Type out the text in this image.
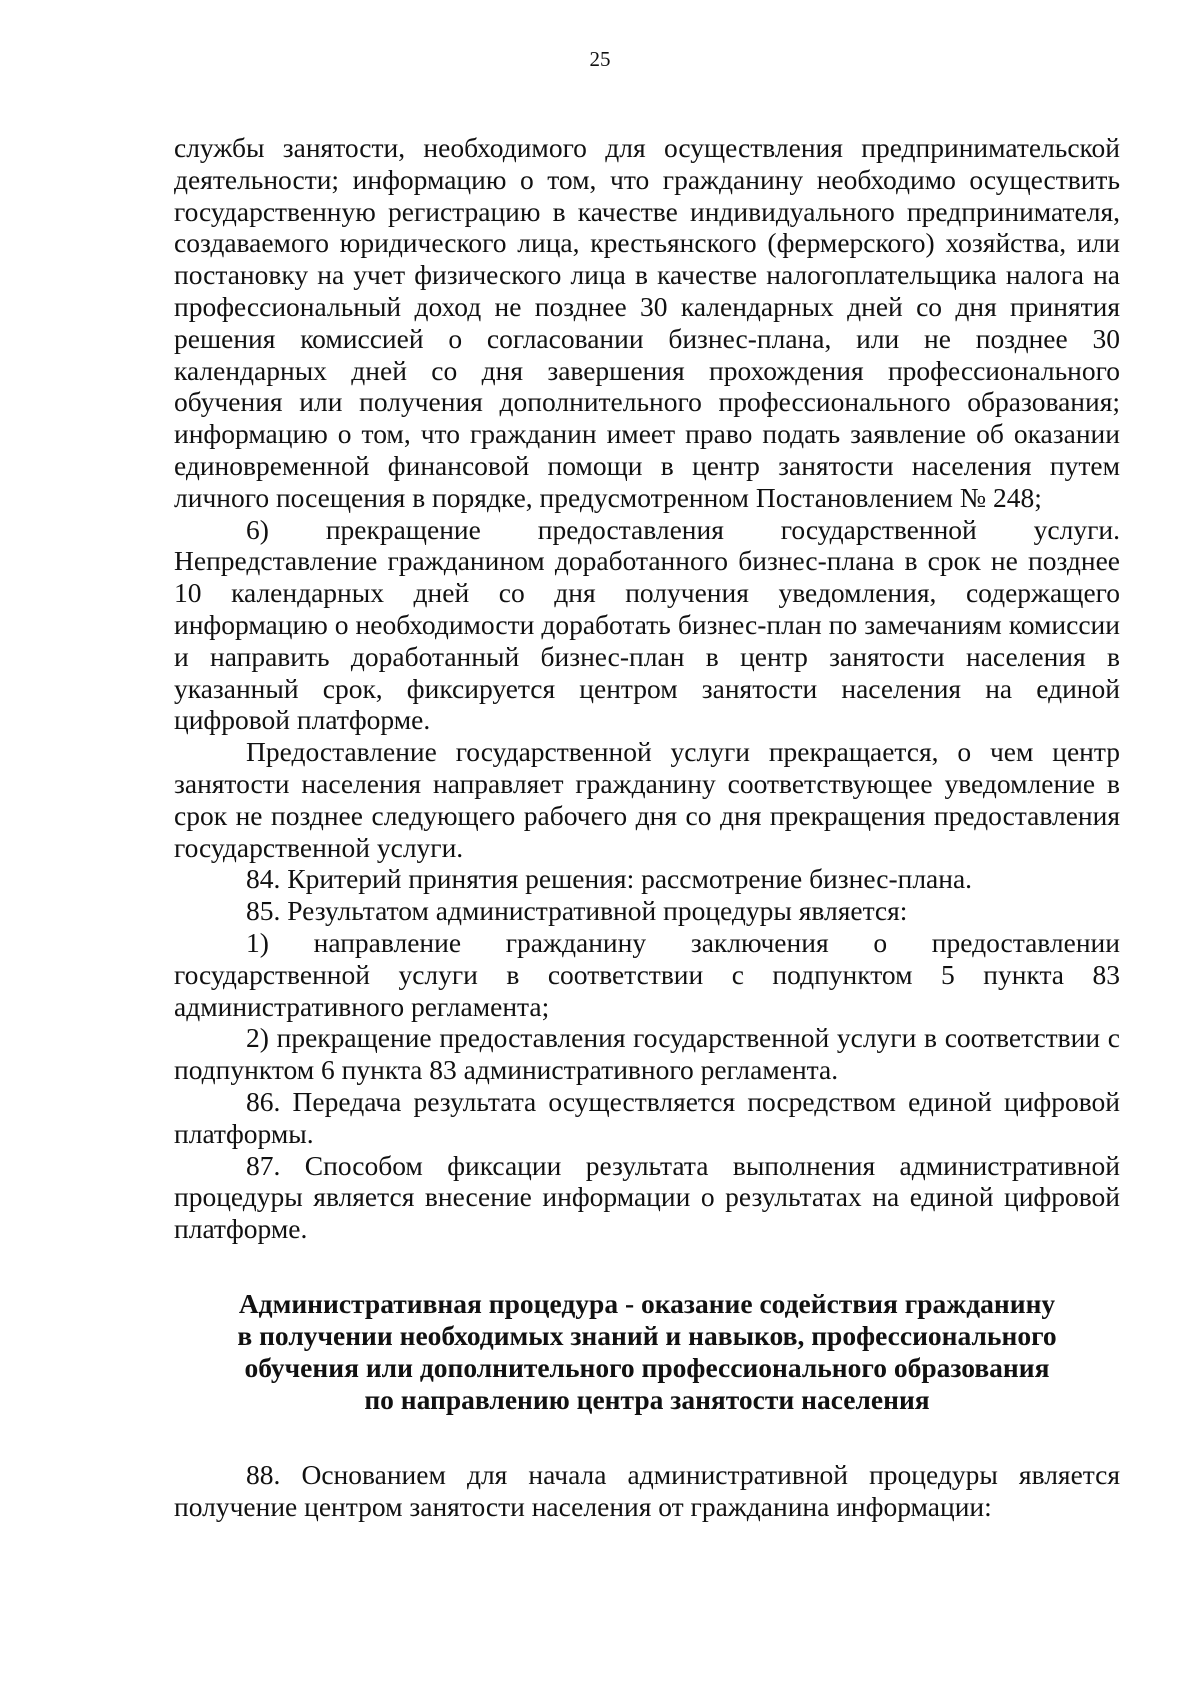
25

службы занятости, необходимого для осуществления предпринимательской деятельности; информацию о том, что гражданину необходимо осуществить государственную регистрацию в качестве индивидуального предпринимателя, создаваемого юридического лица, крестьянского (фермерского) хозяйства, или постановку на учет физического лица в качестве налогоплательщика налога на профессиональный доход не позднее 30 календарных дней со дня принятия решения комиссией о согласовании бизнес-плана, или не позднее 30 календарных дней со дня завершения прохождения профессионального обучения или получения дополнительного профессионального образования; информацию о том, что гражданин имеет право подать заявление об оказании единовременной финансовой помощи в центр занятости населения путем личного посещения в порядке, предусмотренном Постановлением № 248;

6) прекращение предоставления государственной услуги. Непредставление гражданином доработанного бизнес-плана в срок не позднее 10 календарных дней со дня получения уведомления, содержащего информацию о необходимости доработать бизнес-план по замечаниям комиссии и направить доработанный бизнес-план в центр занятости населения в указанный срок, фиксируется центром занятости населения на единой цифровой платформе.

Предоставление государственной услуги прекращается, о чем центр занятости населения направляет гражданину соответствующее уведомление в срок не позднее следующего рабочего дня со дня прекращения предоставления государственной услуги.

84. Критерий принятия решения: рассмотрение бизнес-плана.

85. Результатом административной процедуры является:

1) направление гражданину заключения о предоставлении государственной услуги в соответствии с подпунктом 5 пункта 83 административного регламента;

2) прекращение предоставления государственной услуги в соответствии с подпунктом 6 пункта 83 административного регламента.

86. Передача результата осуществляется посредством единой цифровой платформы.

87. Способом фиксации результата выполнения административной процедуры является внесение информации о результатах на единой цифровой платформе.

Административная процедура - оказание содействия гражданину
в получении необходимых знаний и навыков, профессионального
обучения или дополнительного профессионального образования
по направлению центра занятости населения

88. Основанием для начала административной процедуры является получение центром занятости населения от гражданина информации:
